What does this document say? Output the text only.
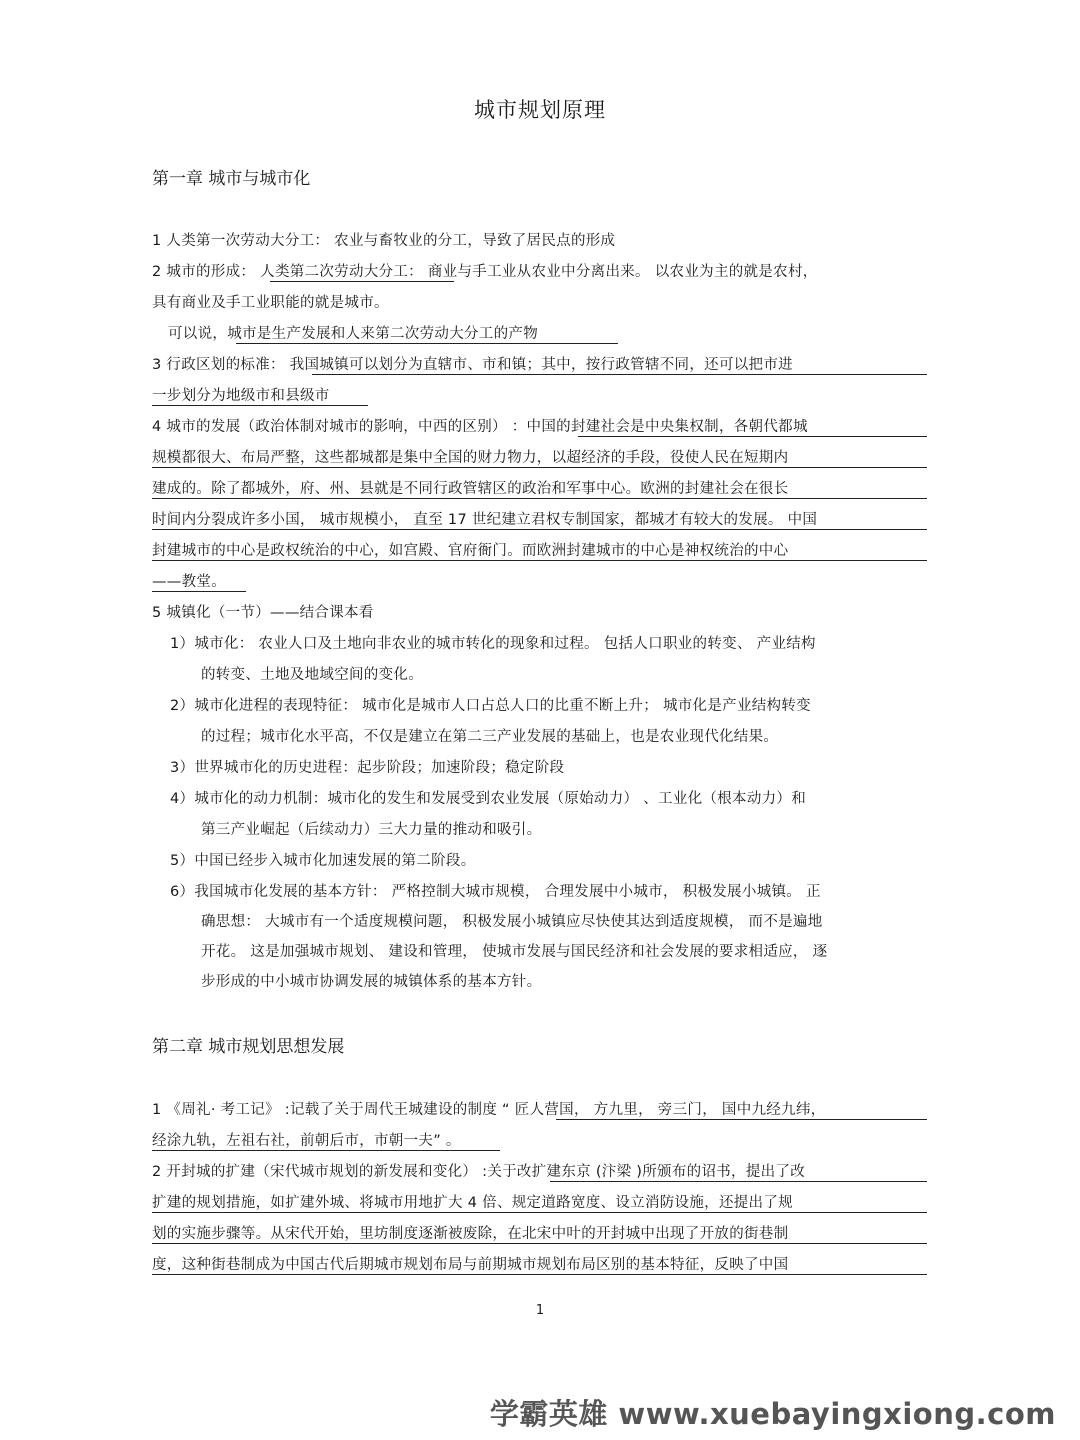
城市规划原理
第一章 城市与城市化
1 人类第一次劳动大分工： 农业与畜牧业的分工，导致了居民点的形成
2 城市的形成： 人类第二次劳动大分工： 商业与手工业从农业中分离出来。 以农业为主的就是农村，
具有商业及手工业职能的就是城市。
可以说，城市是生产发展和人来第二次劳动大分工的产物
3 行政区划的标准： 我国城镇可以划分为直辖市、市和镇；其中，按行政管辖不同，还可以把市进
一步划分为地级市和县级市
4 城市的发展（政治体制对城市的影响，中西的区别） ：中国的封建社会是中央集权制，各朝代都城
规模都很大、布局严整，这些都城都是集中全国的财力物力，以超经济的手段，役使人民在短期内
建成的。除了都城外，府、州、县就是不同行政管辖区的政治和军事中心。欧洲的封建社会在很长
时间内分裂成许多小国， 城市规模小， 直至 17 世纪建立君权专制国家，都城才有较大的发展。 中国
封建城市的中心是政权统治的中心，如宫殿、官府衙门。而欧洲封建城市的中心是神权统治的中心
——教堂。
5 城镇化（一节）——结合课本看
1）城市化： 农业人口及土地向非农业的城市转化的现象和过程。 包括人口职业的转变、 产业结构
的转变、土地及地域空间的变化。
2）城市化进程的表现特征： 城市化是城市人口占总人口的比重不断上升； 城市化是产业结构转变
的过程；城市化水平高，不仅是建立在第二三产业发展的基础上，也是农业现代化结果。
3）世界城市化的历史进程：起步阶段；加速阶段；稳定阶段
4）城市化的动力机制：城市化的发生和发展受到农业发展（原始动力） 、工业化（根本动力）和
第三产业崛起（后续动力）三大力量的推动和吸引。
5）中国已经步入城市化加速发展的第二阶段。
6）我国城市化发展的基本方针： 严格控制大城市规模， 合理发展中小城市， 积极发展小城镇。 正
确思想： 大城市有一个适度规模问题， 积极发展小城镇应尽快使其达到适度规模， 而不是遍地
开花。 这是加强城市规划、 建设和管理， 使城市发展与国民经济和社会发展的要求相适应， 逐
步形成的中小城市协调发展的城镇体系的基本方针。
第二章 城市规划思想发展
1 《周礼· 考工记》 :记载了关于周代王城建设的制度 “ 匠人营国， 方九里， 旁三门， 国中九经九纬，
经涂九轨，左祖右社，前朝后市，市朝一夫” 。
2 开封城的扩建（宋代城市规划的新发展和变化） :关于改扩建东京 (汴梁 )所颁布的诏书，提出了改
扩建的规划措施，如扩建外城、将城市用地扩大 4 倍、规定道路宽度、设立消防设施，还提出了规
划的实施步骤等。从宋代开始，里坊制度逐渐被废除，在北宋中叶的开封城中出现了开放的街巷制
度，这种街巷制成为中国古代后期城市规划布局与前期城市规划布局区别的基本特征，反映了中国
1
学霸英雄 www.xuebayingxiong.com
